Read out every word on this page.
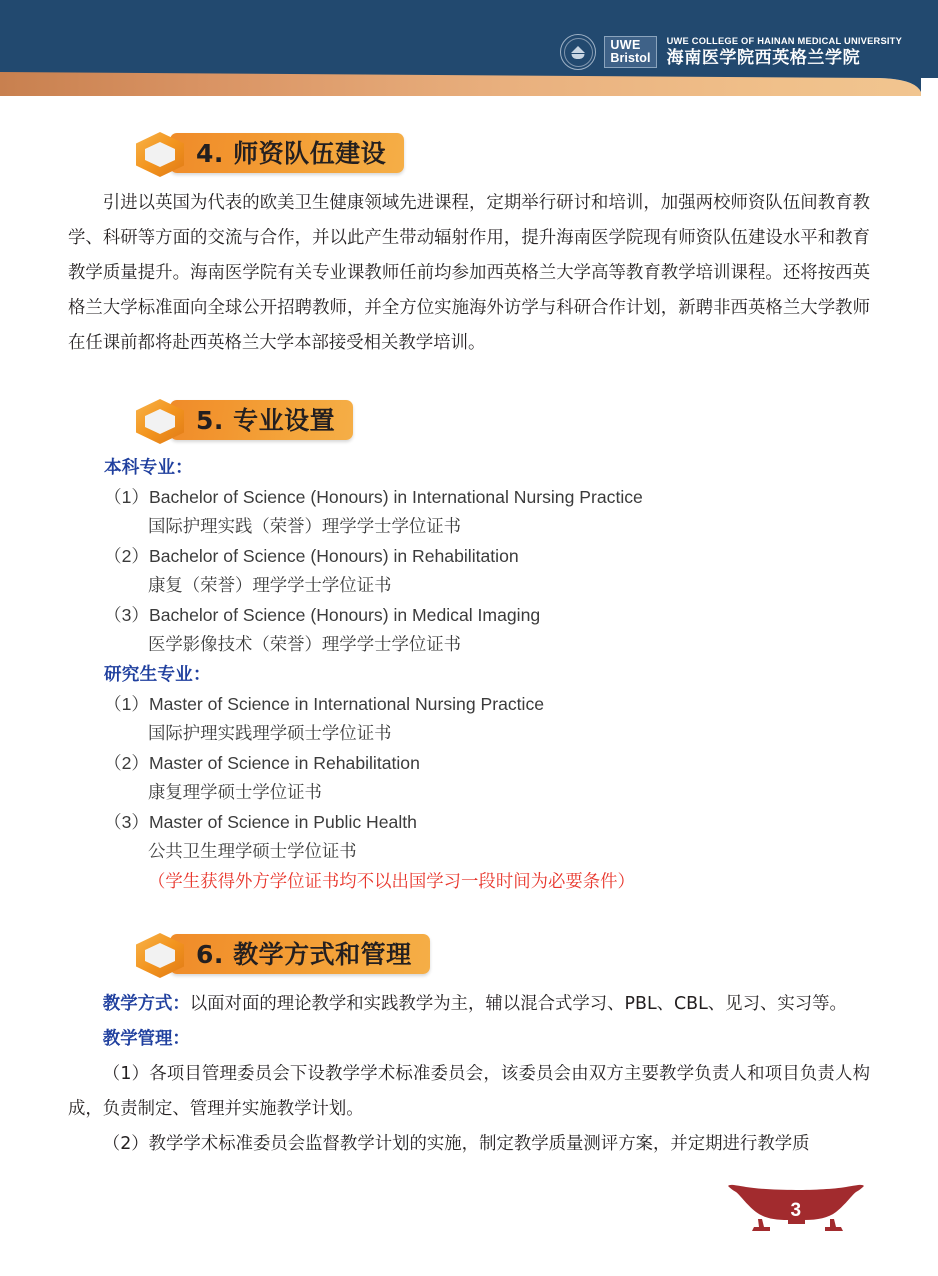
UWE
Bristol
UWE COLLEGE OF HAINAN MEDICAL UNIVERSITY
海南医学院西英格兰学院
4. 师资队伍建设

引进以英国为代表的欧美卫生健康领域先进课程，定期举行研讨和培训，加强两校师资队伍间教育教学、科研等方面的交流与合作，并以此产生带动辐射作用，提升海南医学院现有师资队伍建设水平和教育教学质量提升。海南医学院有关专业课教师任前均参加西英格兰大学高等教育教学培训课程。还将按西英格兰大学标准面向全球公开招聘教师，并全方位实施海外访学与科研合作计划，新聘非西英格兰大学教师在任课前都将赴西英格兰大学本部接受相关教学培训。

5. 专业设置

本科专业：

（1）Bachelor of Science (Honours) in International Nursing Practice

国际护理实践（荣誉）理学学士学位证书

（2）Bachelor of Science (Honours) in Rehabilitation

康复（荣誉）理学学士学位证书

（3）Bachelor of Science (Honours) in Medical Imaging

医学影像技术（荣誉）理学学士学位证书

研究生专业：

（1）Master of Science in International Nursing Practice

国际护理实践理学硕士学位证书

（2）Master of Science in Rehabilitation

康复理学硕士学位证书

（3）Master of Science in Public Health

公共卫生理学硕士学位证书

（学生获得外方学位证书均不以出国学习一段时间为必要条件）

6. 教学方式和管理

教学方式：以面对面的理论教学和实践教学为主，辅以混合式学习、PBL、CBL、见习、实习等。

教学管理：

（1）各项目管理委员会下设教学学术标准委员会，该委员会由双方主要教学负责人和项目负责人构成，负责制定、管理并实施教学计划。

（2）教学学术标准委员会监督教学计划的实施，制定教学质量测评方案，并定期进行教学质

3
